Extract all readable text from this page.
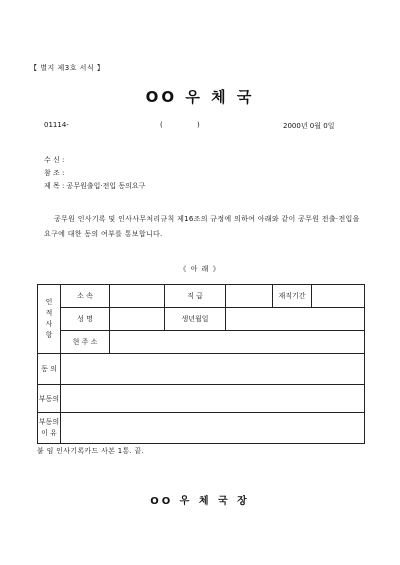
【 별지 제3호 서식 】
OO 우 체 국
01114-	( )	2000년 0월 0일
수 신 :
참 조 :
제 목 : 공무원출입‧전입 동의요구
공무원 인사기록 및 인사사무처리규칙 제16조의 규정에 의하여 아래와 같이 공무원 전출‧전입을 요구에 대한 동의 여부를 통보합니다.
《 아 래 》
인적사항	소 속		직 급		재직기간	
	성 명		생년월일			
	현 주 소					
동 의						
부동의						
부동의 이 유						
붙 임 인사기록카드 사본 1통. 끝.
OO 우 체 국 장
